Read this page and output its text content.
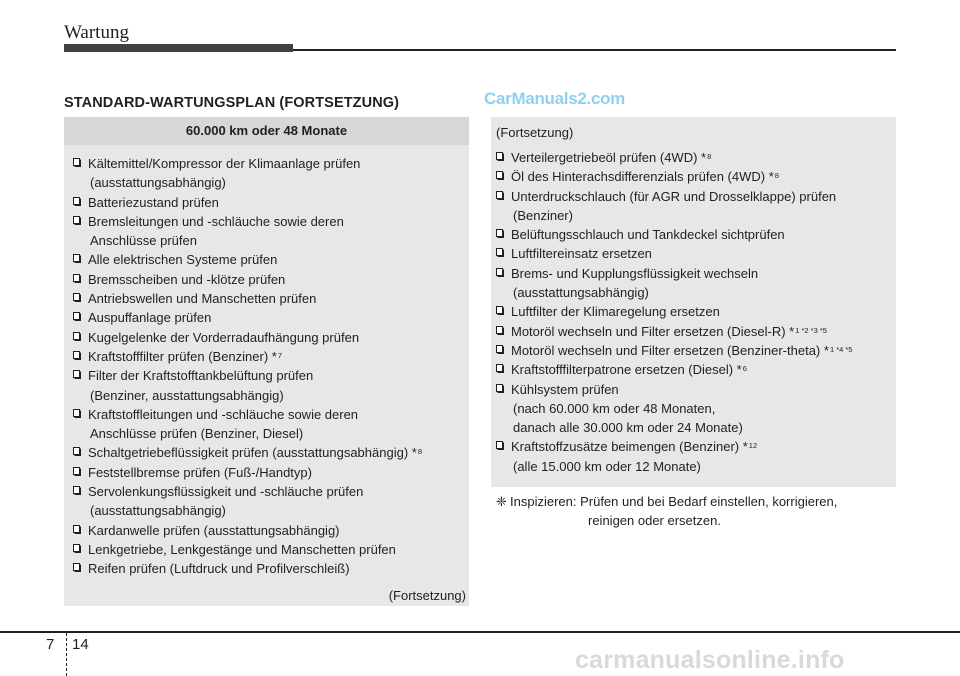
Wartung
STANDARD-WARTUNGSPLAN (FORTSETZUNG)	CarManuals2.com
60.000 km oder 48 Monate
Kältemittel/Kompressor der Klimaanlage prüfen
(ausstattungsabhängig)
Batteriezustand prüfen
Bremsleitungen und -schläuche sowie deren
Anschlüsse prüfen
Alle elektrischen Systeme prüfen
Bremsscheiben und -klötze prüfen
Antriebswellen und Manschetten prüfen
Auspuffanlage prüfen
Kugelgelenke der Vorderradaufhängung prüfen
Kraftstofffilter prüfen (Benziner) *$^7$
Filter der Kraftstofftankbelüftung prüfen
(Benziner, ausstattungsabhängig)
Kraftstoffleitungen und -schläuche sowie deren
Anschlüsse prüfen (Benziner, Diesel)
Schaltgetriebeflüssigkeit prüfen (ausstattungsabhängig) *$^8$
Feststellbremse prüfen (Fuß-/Handtyp)
Servolenkungsflüssigkeit und -schläuche prüfen
(ausstattungsabhängig)
Kardanwelle prüfen (ausstattungsabhängig)
Lenkgetriebe, Lenkgestänge und Manschetten prüfen
Reifen prüfen (Luftdruck und Profilverschleiß)
(Fortsetzung)
(Fortsetzung)
Verteilergetriebeöl prüfen (4WD) *$^8$
Öl des Hinterachsdifferenzials prüfen (4WD) *$^8$
Unterdruckschlauch (für AGR und Drosselklappe) prüfen
(Benziner)
Belüftungsschlauch und Tankdeckel sichtprüfen
Luftfiltereinsatz ersetzen
Brems- und Kupplungsflüssigkeit wechseln
(ausstattungsabhängig)
Luftfilter der Klimaregelung ersetzen
Motoröl wechseln und Filter ersetzen (Diesel-R) *$^{1 *2 *3 *5}$
Motoröl wechseln und Filter ersetzen (Benziner-theta) *$^{1 *4 *5}$
Kraftstofffilterpatrone ersetzen (Diesel) *$^6$
Kühlsystem prüfen
(nach 60.000 km oder 48 Monaten,
danach alle 30.000 km oder 24 Monate)
Kraftstoffzusätze beimengen (Benziner) *$^{12}$
(alle 15.000 km oder 12 Monate)
❈ Inspizieren: Prüfen und bei Bedarf einstellen, korrigieren,
reinigen oder ersetzen.
7 14
carmanualsonline.info
